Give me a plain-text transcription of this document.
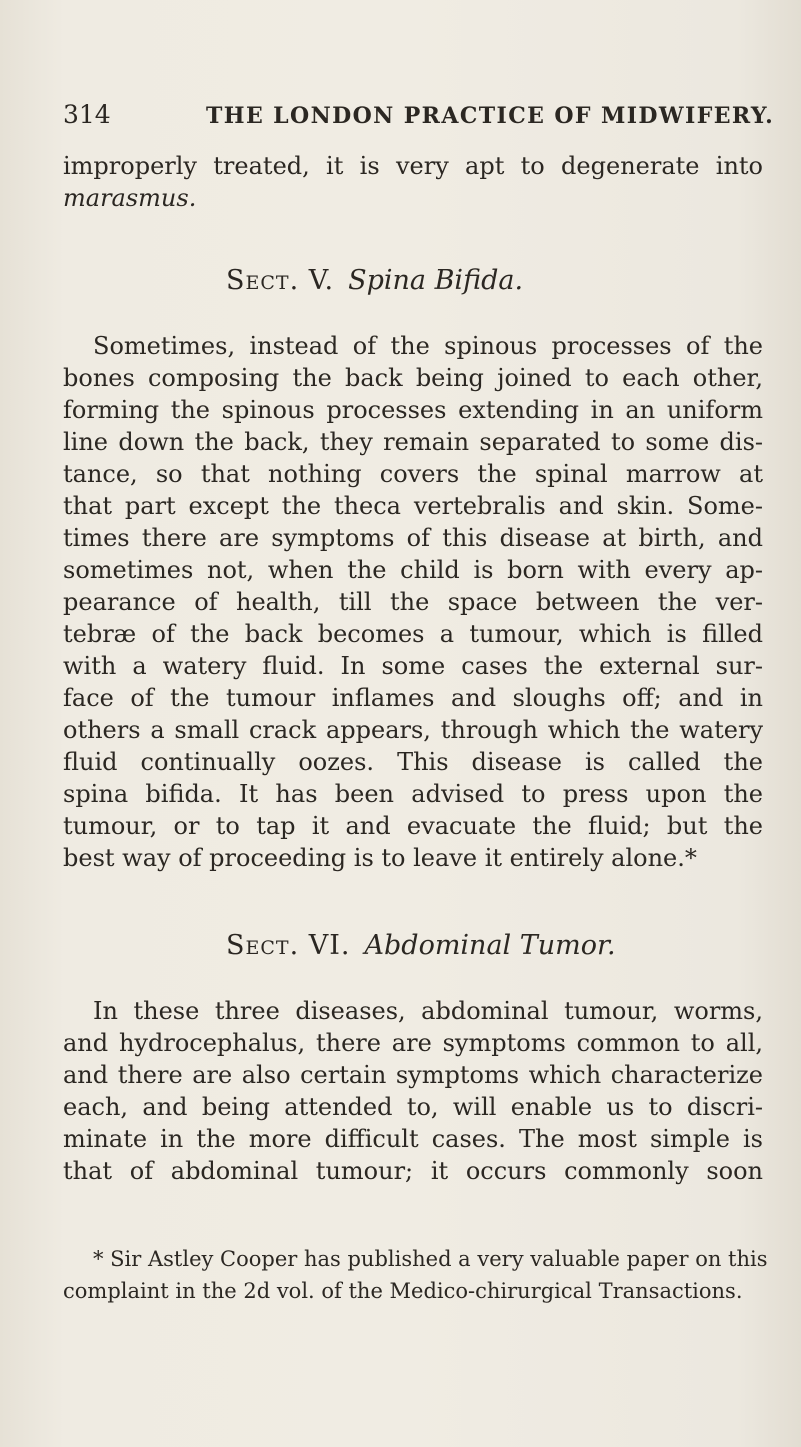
314	THE LONDON PRACTICE OF MIDWIFERY.
improperly treated, it is very apt to degenerate into
marasmus.
Sect. V. Spina Bifida.
Sometimes, instead of the spinous processes of the
bones composing the back being joined to each other,
forming the spinous processes extending in an uniform
line down the back, they remain separated to some dis-
tance, so that nothing covers the spinal marrow at
that part except the theca vertebralis and skin. Some-
times there are symptoms of this disease at birth, and
sometimes not, when the child is born with every ap-
pearance of health, till the space between the ver-
tebræ of the back becomes a tumour, which is filled
with a watery fluid. In some cases the external sur-
face of the tumour inflames and sloughs off; and in
others a small crack appears, through which the watery
fluid continually oozes. This disease is called the
spina bifida. It has been advised to press upon the
tumour, or to tap it and evacuate the fluid; but the
best way of proceeding is to leave it entirely alone.*
Sect. VI. Abdominal Tumor.
In these three diseases, abdominal tumour, worms,
and hydrocephalus, there are symptoms common to all,
and there are also certain symptoms which characterize
each, and being attended to, will enable us to discri-
minate in the more difficult cases. The most simple is
that of abdominal tumour; it occurs commonly soon
* Sir Astley Cooper has published a very valuable paper on this
complaint in the 2d vol. of the Medico-chirurgical Transactions.
